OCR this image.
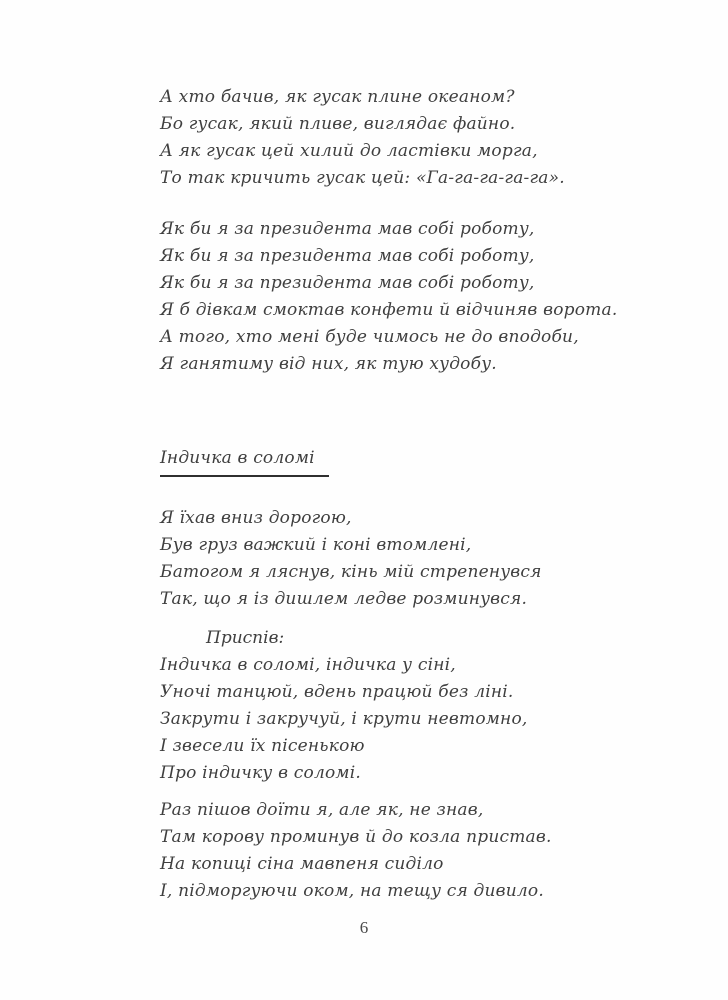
А хто бачив, як гусак плине океаном?
Бо гусак, який пливе, виглядає файно.
А як гусак цей хилий до ластівки морга,
То так кричить гусак цей: «Га-га-га-га-га».
Як би я за президента мав собі роботу,
Як би я за президента мав собі роботу,
Як би я за президента мав собі роботу,
Я б дівкам смоктав конфети й відчиняв ворота.
А того, хто мені буде чимось не до вподоби,
Я ганятиму від них, як тую худобу.
Індичка в соломі
Я їхав вниз дорогою,
Був груз важкий і коні втомлені,
Батогом я ляснув, кінь мій стрепенувся
Так, що я із дишлем ледве розминувся.
Приспів:
Індичка в соломі, індичка у сіні,
Уночі танцюй, вдень працюй без ліні.
Закрути і закручуй, і крути невтомно,
І звесели їх пісенькою
Про індичку в соломі.
Раз пішов доїти я, але як, не знав,
Там корову проминув й до козла пристав.
На копиці сіна мавпеня сиділо
І, підморгуючи оком, на тещу ся дивило.
6
